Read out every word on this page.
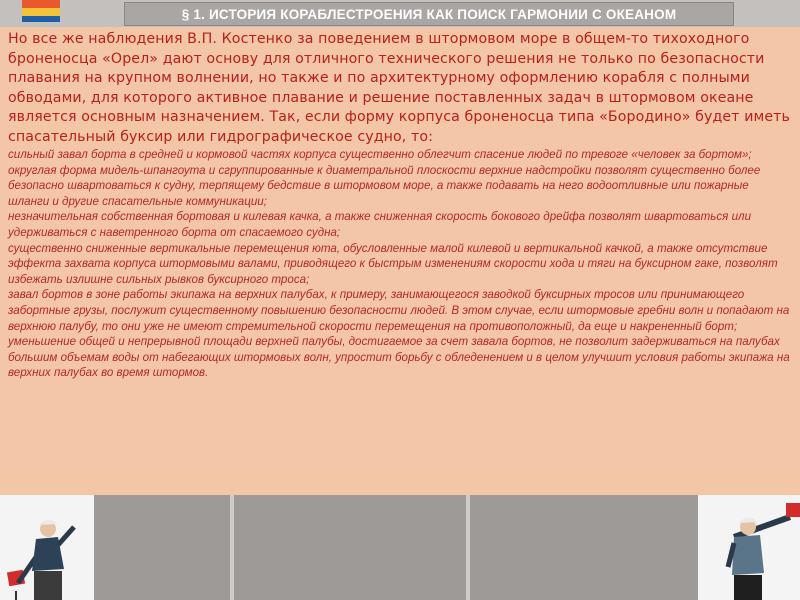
§ 1. ИСТОРИЯ КОРАБЛЕСТРОЕНИЯ КАК ПОИСК ГАРМОНИИ С ОКЕАНОМ

Но все же наблюдения В.П. Костенко за поведением в штормовом море в общем-то тихоходного броненосца «Орел» дают основу для отличного технического решения не только по безопасности плавания на крупном волнении, но также и по архитектурному оформлению корабля с полными обводами, для которого активное плавание и решение поставленных задач в штормовом океане является основным назначением. Так, если форму корпуса броненосца типа «Бородино» будет иметь спасательный буксир или гидрографическое судно, то:

сильный завал борта в средней и кормовой частях корпуса существенно облегчит спасение людей по тревоге «человек за бортом»;

округлая форма мидель-шпангоута и сгруппированные к диаметральной плоскости верхние надстройки позволят существенно более безопасно швартоваться к судну, терпящему бедствие в штормовом море, а также подавать на него водоотливные или пожарные шланги и другие спасательные коммуникации;

незначительная собственная бортовая и килевая качка, а также сниженная скорость бокового дрейфа позволят швартоваться или удерживаться с наветренного борта от спасаемого судна;

существенно сниженные вертикальные перемещения юта, обусловленные малой килевой и вертикальной качкой, а также отсутствие эффекта захвата корпуса штормовыми валами, приводящего к быстрым изменениям скорости хода и тяги на буксирном гаке, позволят избежать излишне сильных рывков буксирного троса;

завал бортов в зоне работы экипажа на верхних палубах, к примеру, занимающегося заводкой буксирных тросов или принимающего забортные грузы, послужит существенному повышению безопасности людей. В этом случае, если штормовые гребни волн и попадают на верхнюю палубу, то они уже не имеют стремительной скорости перемещения на противоположный, да еще и накрененный борт;

уменьшение общей и непрерывной площади верхней палубы, достигаемое за счет завала бортов, не позволит задерживаться на палубах большим объемам воды от набегающих штормовых волн, упростит борьбу с обледенением и в целом улучшит условия работы экипажа на верхних палубах во время штормов.
